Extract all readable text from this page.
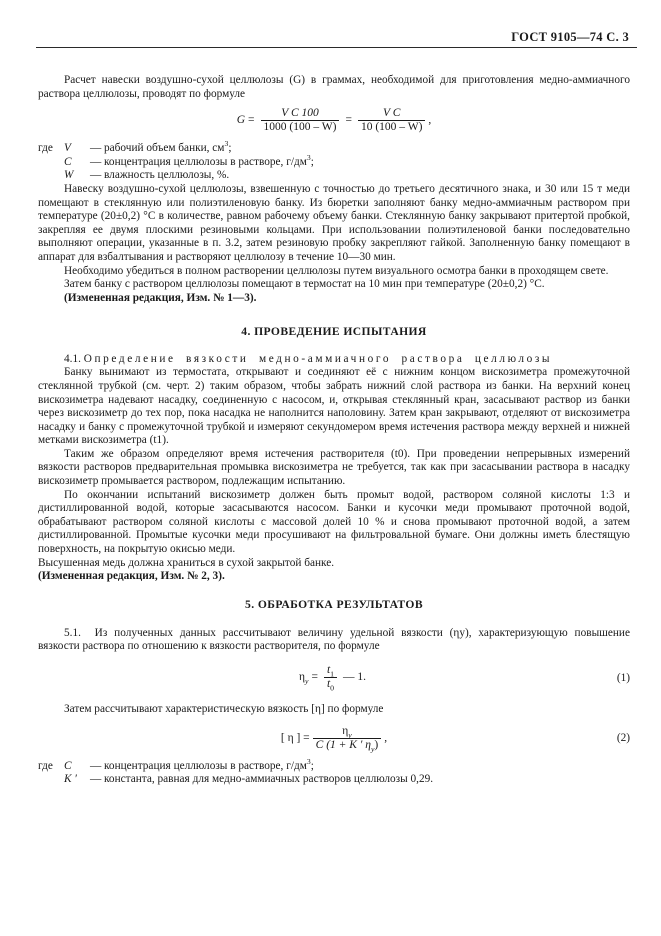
ГОСТ 9105—74 С. 3

Расчет навески воздушно-сухой целлюлозы (G) в граммах, необходимой для приготовления медно-аммиачного раствора целлюлозы, проводят по формуле

$G = \frac{\text{V C 100}}{1000 (100 - W)} = \frac{\text{V C}}{10 (100 - W)}$ ,
где V — рабочий объем банки, $см^3$;
C — концентрация целлюлозы в растворе, $г/дм^3$;
W — влажность целлюлозы, %.

Навеску воздушно-сухой целлюлозы, взвешенную с точностью до третьего десятичного знака, и 30 или 15 т меди помещают в стеклянную или полиэтиленовую банку. Из бюретки заполняют банку медно-аммиачным раствором при температуре (20±0,2) °С в количестве, равном рабочему объему банки. Стеклянную банку закрывают притертой пробкой, закрепляя ее двумя плоскими резиновыми кольцами. При использовании полиэтиленовой банки последовательно выполняют операции, указанные в п. 3.2, затем резиновую пробку закрепляют гайкой. Заполненную банку помещают в аппарат для взбалтывания и растворяют целлюлозу в течение 10—30 мин.

Необходимо убедиться в полном растворении целлюлозы путем визуального осмотра банки в проходящем свете.

Затем банку с раствором целлюлозы помещают в термостат на 10 мин при температуре (20±0,2) °С.

(Измененная редакция, Изм. № 1—3).

4. ПРОВЕДЕНИЕ ИСПЫТАНИЯ

4.1. Определение вязкости медно-аммиачного раствора целлюлозы

Банку вынимают из термостата, открывают и соединяют её с нижним концом вискозиметра промежуточной стеклянной трубкой (см. черт. 2) таким образом, чтобы забрать нижний слой раствора из банки. На верхний конец вискозиметра надевают насадку, соединенную с насосом, и, открывая стеклянный кран, засасывают раствор из банки через вискозиметр до тех пор, пока насадка не наполнится наполовину. Затем кран закрывают, отделяют от вискозиметра насадку и банку с промежуточной трубкой и измеряют секундомером время истечения раствора между верхней и нижней метками вискозиметра (t1).

Таким же образом определяют время истечения растворителя (t0). При проведении непрерывных измерений вязкости растворов предварительная промывка вискозиметра не требуется, так как при засасывании раствора в насадку вискозиметр промывается раствором, подлежащим испытанию.

По окончании испытаний вискозиметр должен быть промыт водой, раствором соляной кислоты 1:3 и дистиллированной водой, которые засасываются насосом. Банки и кусочки меди промывают проточной водой, обрабатывают раствором соляной кислоты с массовой долей 10 % и снова промывают проточной водой, а затем дистиллированной. Промытые кусочки меди просушивают на фильтровальной бумаге. Они должны иметь блестящую поверхность, на покрытую окисью меди.

Высушенная медь должна храниться в сухой закрытой банке.

(Измененная редакция, Изм. № 2, 3).

5. ОБРАБОТКА РЕЗУЛЬТАТОВ

5.1. Из полученных данных рассчитывают величину удельной вязкости (ηу), характеризующую повышение вязкости раствора по отношению к вязкости растворителя, по формуле

$\eta_у = \frac{t_1}{t_0}$ — 1.	(1)

Затем рассчитывают характеристическую вязкость [η] по формуле

[ η ] = $\frac{\eta_у}{C (1 + K ' \eta_у)}$ ,	(2)
где C — концентрация целлюлозы в растворе, $г/дм^3$;
K ′ — константа, равная для медно-аммиачных растворов целлюлозы 0,29.
